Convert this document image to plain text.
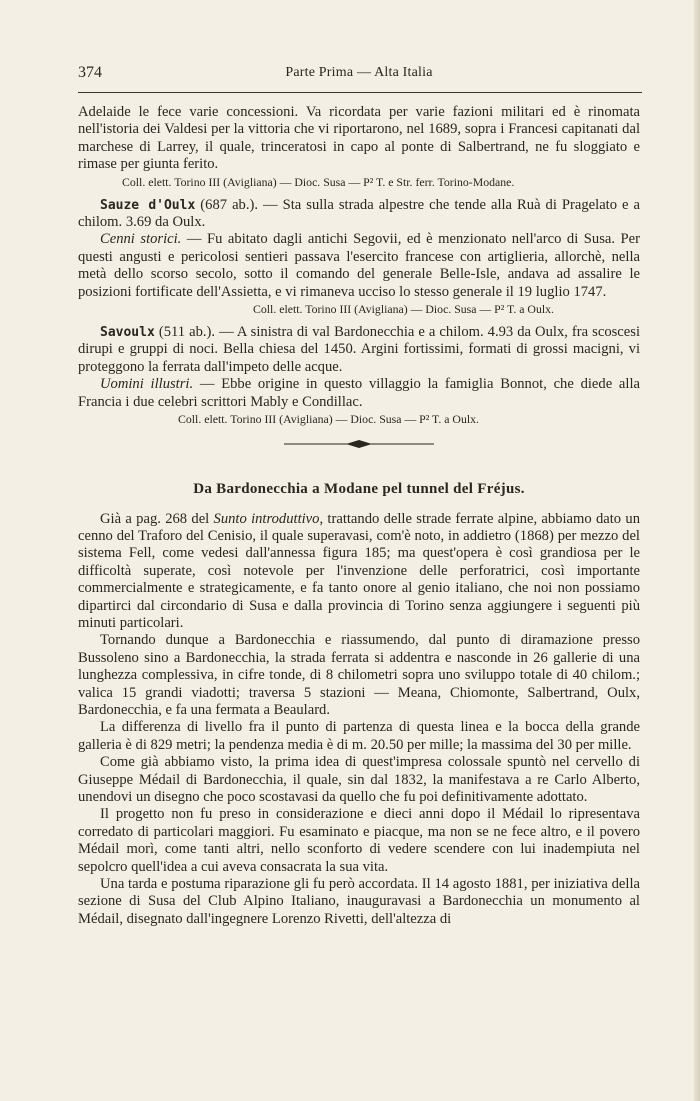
374	Parte Prima — Alta Italia

Adelaide le fece varie concessioni. Va ricordata per varie fazioni militari ed è rinomata nell'istoria dei Valdesi per la vittoria che vi riportarono, nel 1689, sopra i Francesi capitanati dal marchese di Larrey, il quale, trinceratosi in capo al ponte di Salbertrand, ne fu sloggiato e rimase per giunta ferito.

Coll. elett. Torino III (Avigliana) — Dioc. Susa — P² T. e Str. ferr. Torino-Modane.

Sauze d'Oulx (687 ab.). — Sta sulla strada alpestre che tende alla Ruà di Pragelato e a chilom. 3.69 da Oulx.

Cenni storici. — Fu abitato dagli antichi Segovii, ed è menzionato nell'arco di Susa. Per questi angusti e pericolosi sentieri passava l'esercito francese con artiglieria, allorchè, nella metà dello scorso secolo, sotto il comando del generale Belle-Isle, andava ad assalire le posizioni fortificate dell'Assietta, e vi rimaneva ucciso lo stesso generale il 19 luglio 1747.

Coll. elett. Torino III (Avigliana) — Dioc. Susa — P² T. a Oulx.

Savoulx (511 ab.). — A sinistra di val Bardonecchia e a chilom. 4.93 da Oulx, fra scoscesi dirupi e gruppi di noci. Bella chiesa del 1450. Argini fortissimi, formati di grossi macigni, vi proteggono la ferrata dall'impeto delle acque.

Uomini illustri. — Ebbe origine in questo villaggio la famiglia Bonnot, che diede alla Francia i due celebri scrittori Mably e Condillac.

Coll. elett. Torino III (Avigliana) — Dioc. Susa — P² T. a Oulx.

Da Bardonecchia a Modane pel tunnel del Fréjus.

Già a pag. 268 del Sunto introduttivo, trattando delle strade ferrate alpine, abbiamo dato un cenno del Traforo del Cenisio, il quale superavasi, com'è noto, in addietro (1868) per mezzo del sistema Fell, come vedesi dall'annessa figura 185; ma quest'opera è così grandiosa per le difficoltà superate, così notevole per l'invenzione delle perforatrici, così importante commercialmente e strategicamente, e fa tanto onore al genio italiano, che noi non possiamo dipartirci dal circondario di Susa e dalla provincia di Torino senza aggiungere i seguenti più minuti particolari.

Tornando dunque a Bardonecchia e riassumendo, dal punto di diramazione presso Bussoleno sino a Bardonecchia, la strada ferrata si addentra e nasconde in 26 gallerie di una lunghezza complessiva, in cifre tonde, di 8 chilometri sopra uno sviluppo totale di 40 chilom.; valica 15 grandi viadotti; traversa 5 stazioni — Meana, Chiomonte, Salbertrand, Oulx, Bardonecchia, e fa una fermata a Beaulard.

La differenza di livello fra il punto di partenza di questa linea e la bocca della grande galleria è di 829 metri; la pendenza media è di m. 20.50 per mille; la massima del 30 per mille.

Come già abbiamo visto, la prima idea di quest'impresa colossale spuntò nel cervello di Giuseppe Médail di Bardonecchia, il quale, sin dal 1832, la manifestava a re Carlo Alberto, unendovi un disegno che poco scostavasi da quello che fu poi definitivamente adottato.

Il progetto non fu preso in considerazione e dieci anni dopo il Médail lo ripresentava corredato di particolari maggiori. Fu esaminato e piacque, ma non se ne fece altro, e il povero Médail morì, come tanti altri, nello sconforto di vedere scendere con lui inadempiuta nel sepolcro quell'idea a cui aveva consacrata la sua vita.

Una tarda e postuma riparazione gli fu però accordata. Il 14 agosto 1881, per iniziativa della sezione di Susa del Club Alpino Italiano, inauguravasi a Bardonecchia un monumento al Médail, disegnato dall'ingegnere Lorenzo Rivetti, dell'altezza di
